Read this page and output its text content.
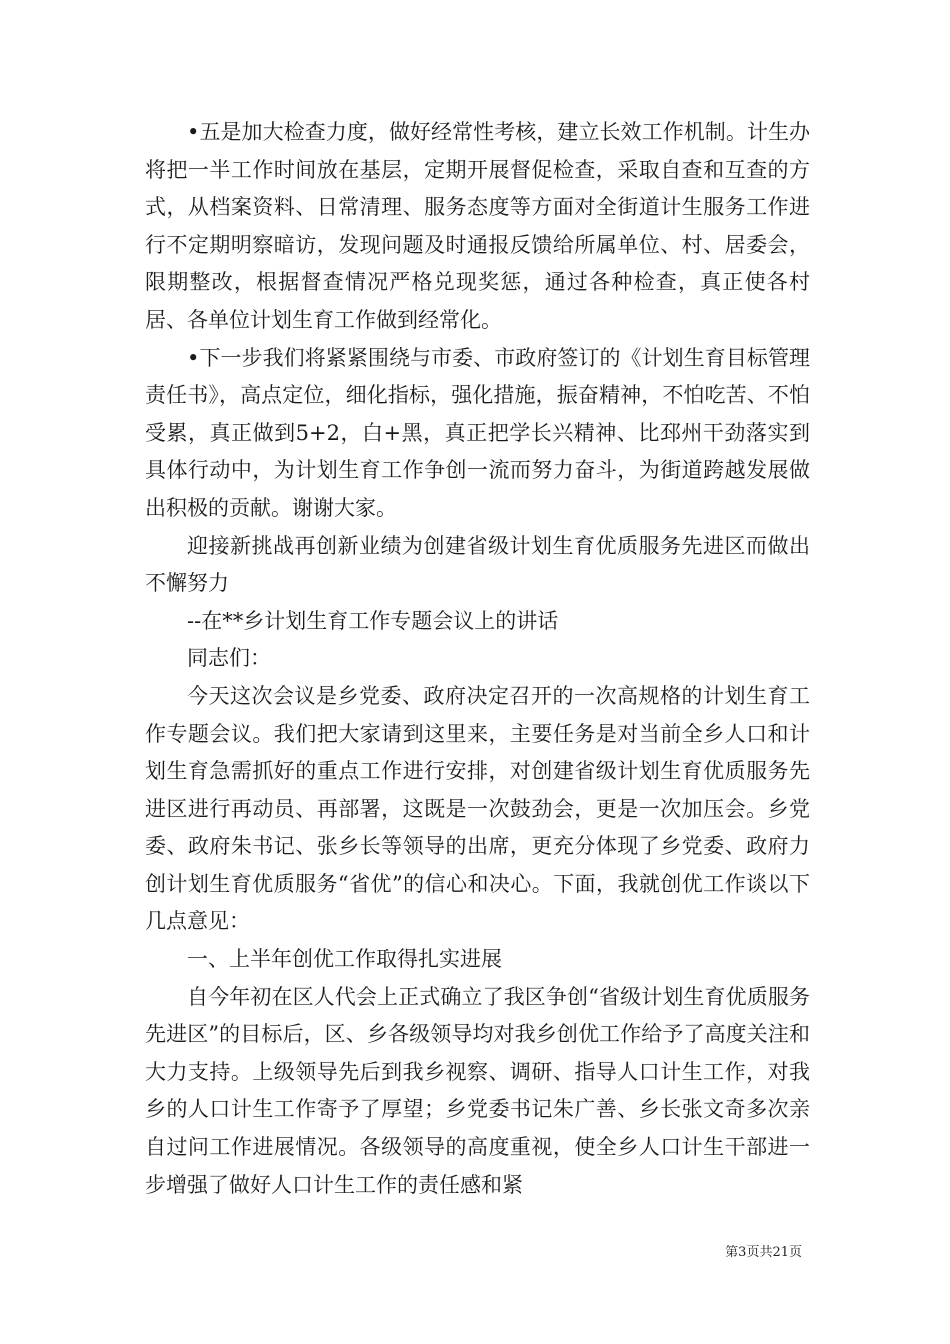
•五是加大检查力度，做好经常性考核，建立长效工作机制。计生办将把一半工作时间放在基层，定期开展督促检查，采取自查和互查的方式，从档案资料、日常清理、服务态度等方面对全街道计生服务工作进行不定期明察暗访，发现问题及时通报反馈给所属单位、村、居委会，限期整改，根据督查情况严格兑现奖惩，通过各种检查，真正使各村居、各单位计划生育工作做到经常化。

•下一步我们将紧紧围绕与市委、市政府签订的《计划生育目标管理责任书》，高点定位，细化指标，强化措施，振奋精神，不怕吃苦、不怕受累，真正做到5+2，白+黑，真正把学长兴精神、比邳州干劲落实到具体行动中，为计划生育工作争创一流而努力奋斗，为街道跨越发展做出积极的贡献。谢谢大家。

迎接新挑战再创新业绩为创建省级计划生育优质服务先进区而做出不懈努力

--在**乡计划生育工作专题会议上的讲话

同志们：

今天这次会议是乡党委、政府决定召开的一次高规格的计划生育工作专题会议。我们把大家请到这里来，主要任务是对当前全乡人口和计划生育急需抓好的重点工作进行安排，对创建省级计划生育优质服务先进区进行再动员、再部署，这既是一次鼓劲会，更是一次加压会。乡党委、政府朱书记、张乡长等领导的出席，更充分体现了乡党委、政府力创计划生育优质服务“省优”的信心和决心。下面，我就创优工作谈以下几点意见：

一、上半年创优工作取得扎实进展

自今年初在区人代会上正式确立了我区争创“省级计划生育优质服务先进区”的目标后，区、乡各级领导均对我乡创优工作给予了高度关注和大力支持。上级领导先后到我乡视察、调研、指导人口计生工作，对我乡的人口计生工作寄予了厚望；乡党委书记朱广善、乡长张文奇多次亲自过问工作进展情况。各级领导的高度重视，使全乡人口计生干部进一步增强了做好人口计生工作的责任感和紧

第3页共21页
